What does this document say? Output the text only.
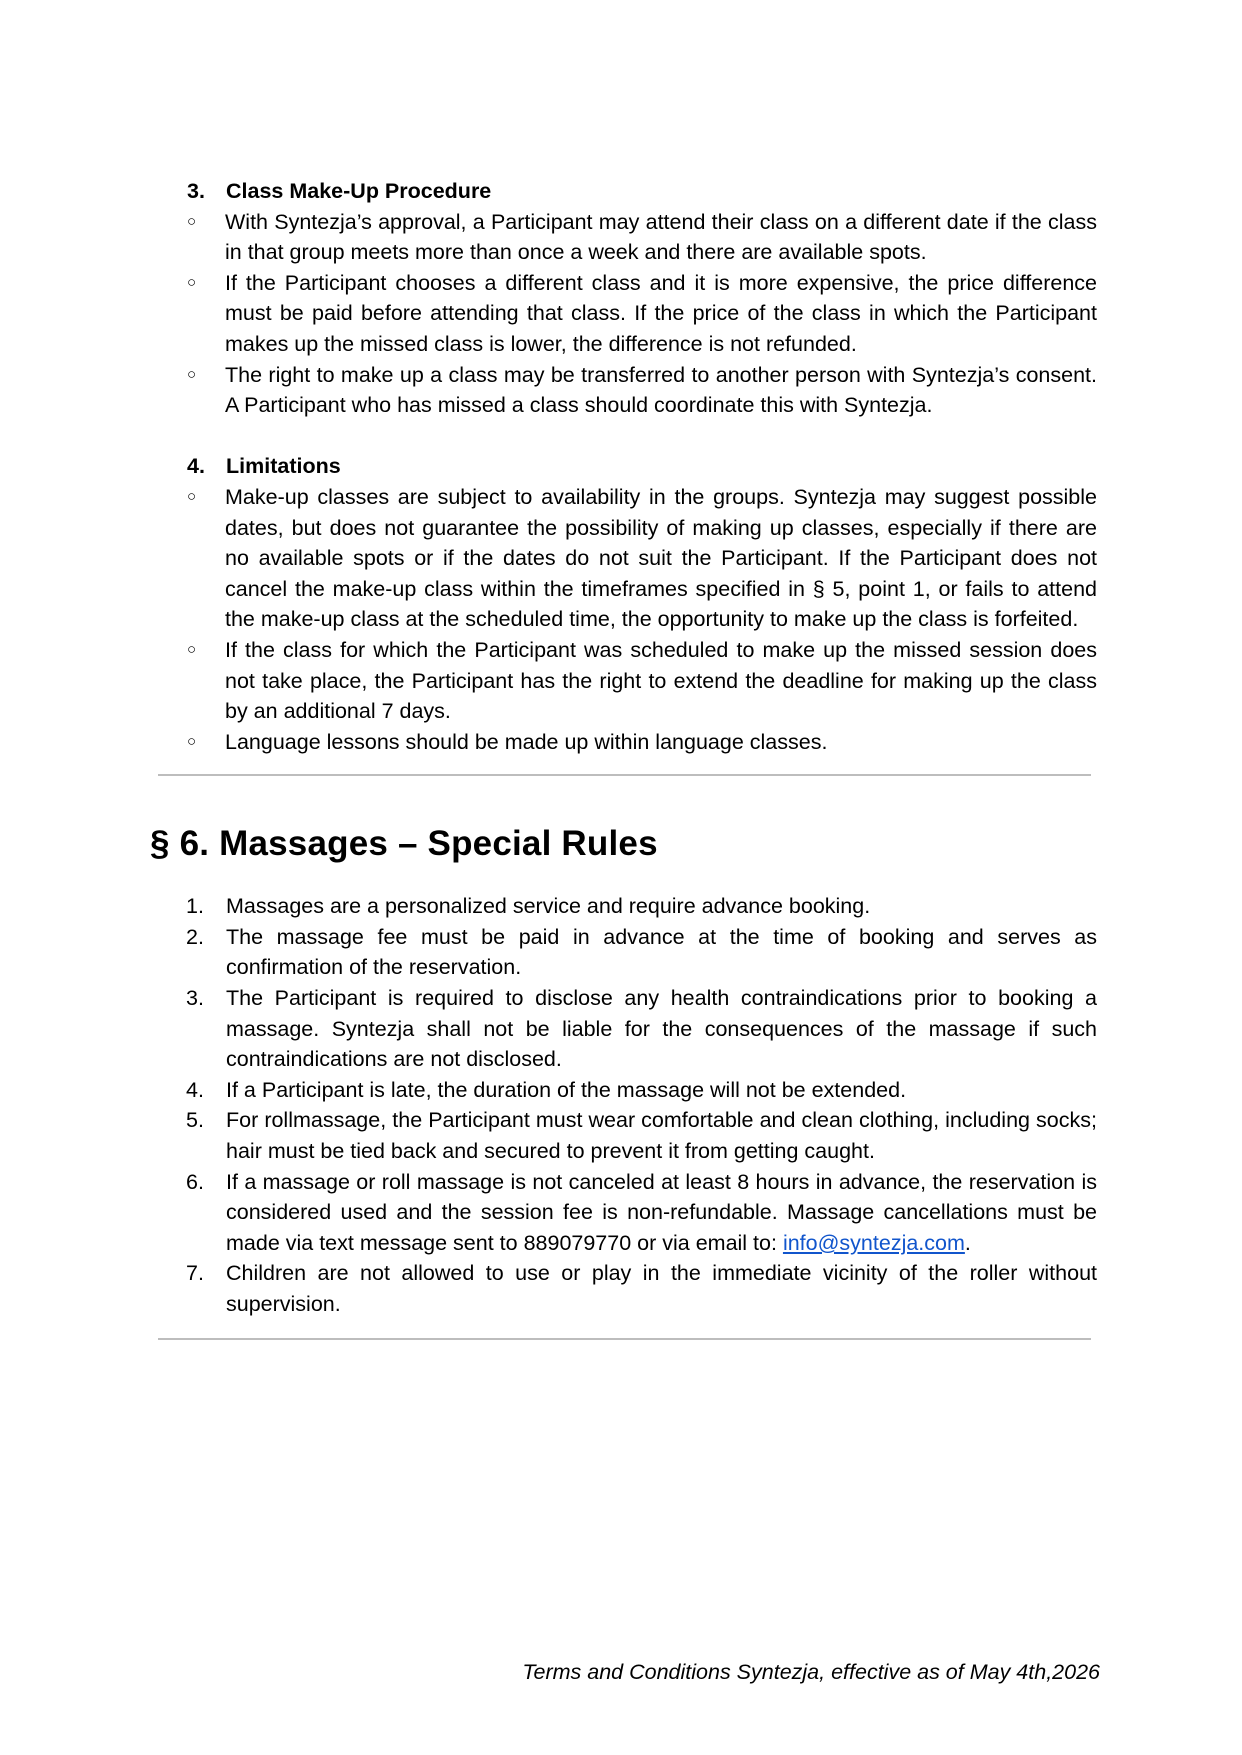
3. Class Make-Up Procedure
○ With Syntezja’s approval, a Participant may attend their class on a different date if the class in that group meets more than once a week and there are available spots.
○ If the Participant chooses a different class and it is more expensive, the price difference must be paid before attending that class. If the price of the class in which the Participant makes up the missed class is lower, the difference is not refunded.
○ The right to make up a class may be transferred to another person with Syntezja’s consent. A Participant who has missed a class should coordinate this with Syntezja.
4. Limitations
○ Make-up classes are subject to availability in the groups. Syntezja may suggest possible dates, but does not guarantee the possibility of making up classes, especially if there are no available spots or if the dates do not suit the Participant. If the Participant does not cancel the make-up class within the timeframes specified in § 5, point 1, or fails to attend the make-up class at the scheduled time, the opportunity to make up the class is forfeited.
○ If the class for which the Participant was scheduled to make up the missed session does not take place, the Participant has the right to extend the deadline for making up the class by an additional 7 days.
○ Language lessons should be made up within language classes.
§ 6. Massages – Special Rules
1. Massages are a personalized service and require advance booking.
2. The massage fee must be paid in advance at the time of booking and serves as confirmation of the reservation.
3. The Participant is required to disclose any health contraindications prior to booking a massage. Syntezja shall not be liable for the consequences of the massage if such contraindications are not disclosed.
4. If a Participant is late, the duration of the massage will not be extended.
5. For rollmassage, the Participant must wear comfortable and clean clothing, including socks; hair must be tied back and secured to prevent it from getting caught.
6. If a massage or roll massage is not canceled at least 8 hours in advance, the reservation is considered used and the session fee is non-refundable. Massage cancellations must be made via text message sent to 889079770 or via email to: info@syntezja.com.
7. Children are not allowed to use or play in the immediate vicinity of the roller without supervision.
Terms and Conditions Syntezja, effective as of May 4th,2026
